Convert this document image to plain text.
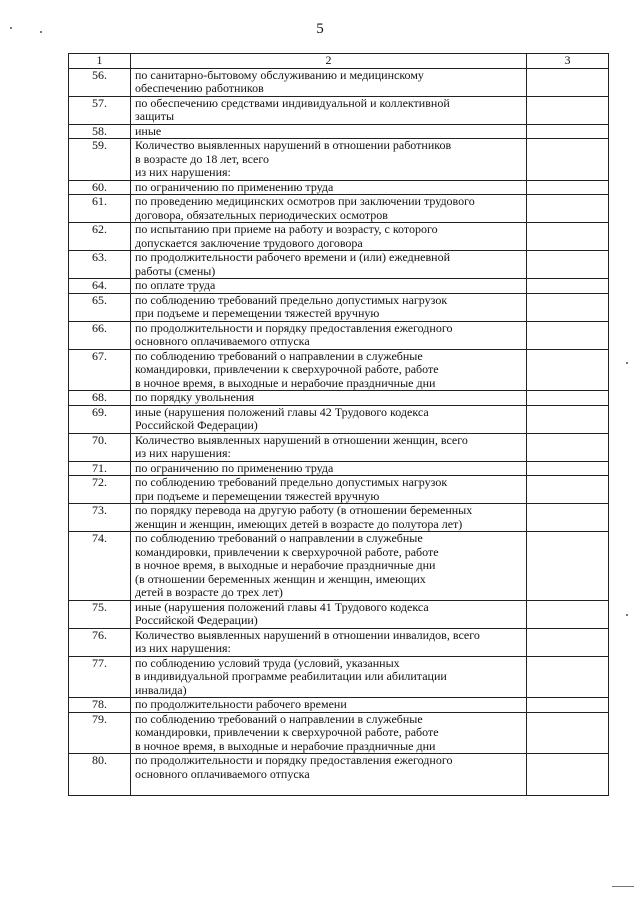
5
1	2	3
56.	по санитарно-бытовому обслуживанию и медицинскому
обеспечению работников	

57.	по обеспечению средствами индивидуальной и коллективной
защиты	

58.	иные	

59.	Количество выявленных нарушений в отношении работников
в возрасте до 18 лет, всего
из них нарушения:	

60.	по ограничению по применению труда	

61.	по проведению медицинских осмотров при заключении трудового
договора, обязательных периодических осмотров	

62.	по испытанию при приеме на работу и возрасту, с которого
допускается заключение трудового договора	

63.	по продолжительности рабочего времени и (или) ежедневной
работы (смены)	

64.	по оплате труда	

65.	по соблюдению требований предельно допустимых нагрузок
при подъеме и перемещении тяжестей вручную	

66.	по продолжительности и порядку предоставления ежегодного
основного оплачиваемого отпуска	

67.	по соблюдению требований о направлении в служебные
командировки, привлечении к сверхурочной работе, работе
в ночное время, в выходные и нерабочие праздничные дни	

68.	по порядку увольнения	

69.	иные (нарушения положений главы 42 Трудового кодекса
Российской Федерации)	

70.	Количество выявленных нарушений в отношении женщин, всего
из них нарушения:	

71.	по ограничению по применению труда	

72.	по соблюдению требований предельно допустимых нагрузок
при подъеме и перемещении тяжестей вручную	

73.	по порядку перевода на другую работу (в отношении беременных
женщин и женщин, имеющих детей в возрасте до полутора лет)	

74.	по соблюдению требований о направлении в служебные
командировки, привлечении к сверхурочной работе, работе
в ночное время, в выходные и нерабочие праздничные дни
(в отношении беременных женщин и женщин, имеющих
детей в возрасте до трех лет)	

75.	иные (нарушения положений главы 41 Трудового кодекса
Российской Федерации)	

76.	Количество выявленных нарушений в отношении инвалидов, всего
из них нарушения:	

77.	по соблюдению условий труда (условий, указанных
в индивидуальной программе реабилитации или абилитации
инвалида)	

78.	по продолжительности рабочего времени	

79.	по соблюдению требований о направлении в служебные
командировки, привлечении к сверхурочной работе, работе
в ночное время, в выходные и нерабочие праздничные дни	

80.	по продолжительности и порядку предоставления ежегодного
основного оплачиваемого отпуска	
